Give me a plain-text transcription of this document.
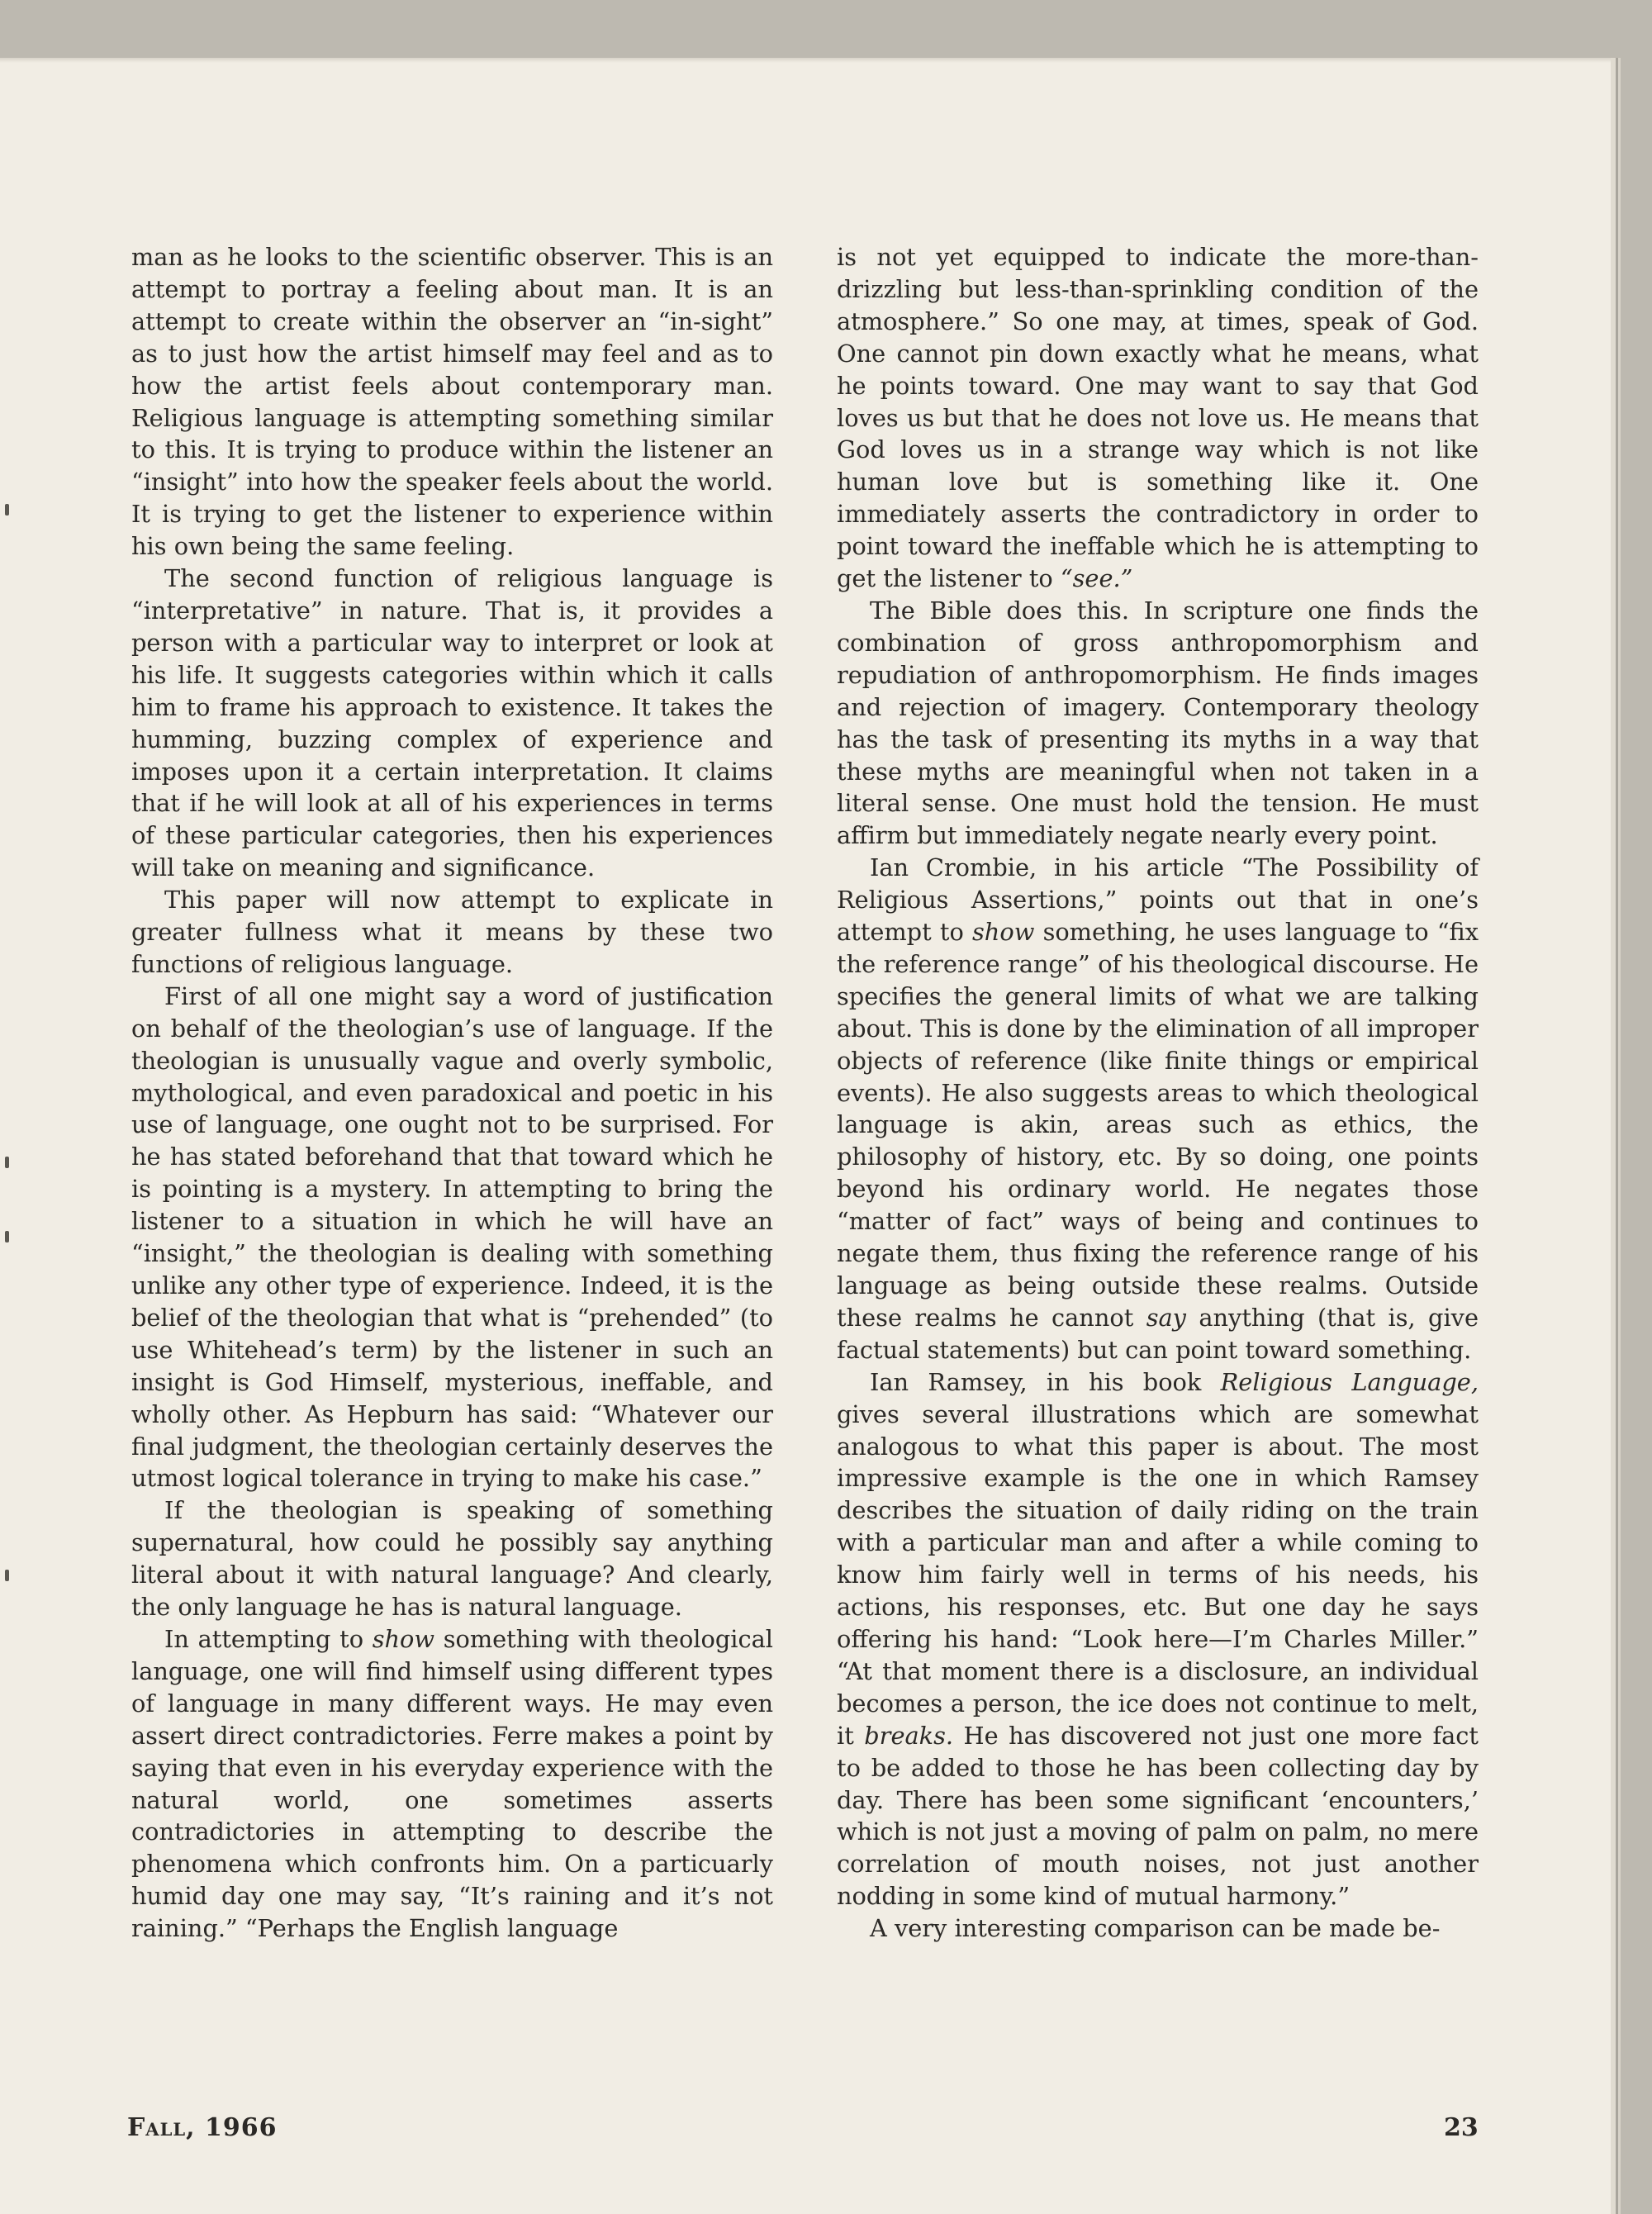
man as he looks to the scientific observer. This is an attempt to portray a feeling about man. It is an attempt to create within the observer an “in-sight” as to just how the artist himself may feel and as to how the artist feels about contemporary man. Religious language is attempting something similar to this. It is trying to produce within the listener an “insight” into how the speaker feels about the world. It is trying to get the listener to experience within his own being the same feeling.

The second function of religious language is “interpretative” in nature. That is, it provides a person with a particular way to interpret or look at his life. It suggests categories within which it calls him to frame his approach to existence. It takes the humming, buzzing complex of experience and imposes upon it a certain interpretation. It claims that if he will look at all of his experiences in terms of these particular categories, then his experiences will take on meaning and significance.

This paper will now attempt to explicate in greater fullness what it means by these two functions of religious language.

First of all one might say a word of justification on behalf of the theologian’s use of language. If the theologian is unusually vague and overly symbolic, mythological, and even paradoxical and poetic in his use of language, one ought not to be surprised. For he has stated beforehand that that toward which he is pointing is a mystery. In attempting to bring the listener to a situation in which he will have an “insight,” the theologian is dealing with something unlike any other type of experience. Indeed, it is the belief of the theologian that what is “prehended” (to use Whitehead’s term) by the listener in such an insight is God Himself, mysterious, ineffable, and wholly other. As Hepburn has said: “Whatever our final judgment, the theologian certainly deserves the utmost logical tolerance in trying to make his case.”

If the theologian is speaking of something supernatural, how could he possibly say anything literal about it with natural language? And clearly, the only language he has is natural language.

In attempting to show something with theological language, one will find himself using different types of language in many different ways. He may even assert direct contradictories. Ferre makes a point by saying that even in his everyday experience with the natural world, one sometimes asserts contradictories in attempting to describe the phenomena which confronts him. On a particuarly humid day one may say, “It’s raining and it’s not raining.” “Perhaps the English language

is not yet equipped to indicate the more-than-drizzling but less-than-sprinkling condition of the atmosphere.” So one may, at times, speak of God. One cannot pin down exactly what he means, what he points toward. One may want to say that God loves us but that he does not love us. He means that God loves us in a strange way which is not like human love but is something like it. One immediately asserts the contradictory in order to point toward the ineffable which he is attempting to get the listener to “see.”

The Bible does this. In scripture one finds the combination of gross anthropomorphism and repudiation of anthropomorphism. He finds images and rejection of imagery. Contemporary theology has the task of presenting its myths in a way that these myths are meaningful when not taken in a literal sense. One must hold the tension. He must affirm but immediately negate nearly every point.

Ian Crombie, in his article “The Possibility of Religious Assertions,” points out that in one’s attempt to show something, he uses language to “fix the reference range” of his theological discourse. He specifies the general limits of what we are talking about. This is done by the elimination of all improper objects of reference (like finite things or empirical events). He also suggests areas to which theological language is akin, areas such as ethics, the philosophy of history, etc. By so doing, one points beyond his ordinary world. He negates those “matter of fact” ways of being and continues to negate them, thus fixing the reference range of his language as being outside these realms. Outside these realms he cannot say anything (that is, give factual statements) but can point toward something.

Ian Ramsey, in his book Religious Language, gives several illustrations which are somewhat analogous to what this paper is about. The most impressive example is the one in which Ramsey describes the situation of daily riding on the train with a particular man and after a while coming to know him fairly well in terms of his needs, his actions, his responses, etc. But one day he says offering his hand: “Look here—I’m Charles Miller.” “At that moment there is a disclosure, an individual becomes a person, the ice does not continue to melt, it breaks. He has discovered not just one more fact to be added to those he has been collecting day by day. There has been some significant ‘encounters,’ which is not just a moving of palm on palm, no mere correlation of mouth noises, not just another nodding in some kind of mutual harmony.”

A very interesting comparison can be made be-

Fall, 1966	23
